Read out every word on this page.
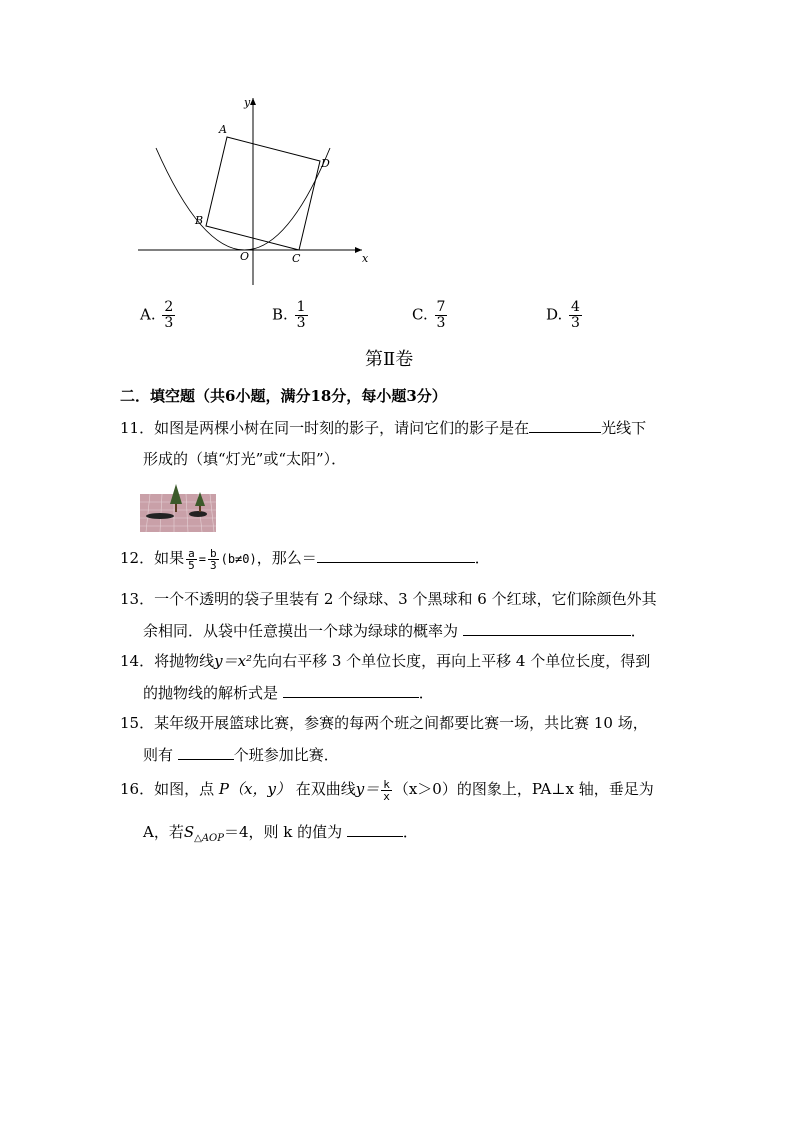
y
x
A
B
C
D
O
A. $\frac{2}{3}$	B. $\frac{1}{3}$	C. $\frac{7}{3}$	D. $\frac{4}{3}$
第Ⅱ卷
二．填空题（共6小题，满分18分，每小题3分）
11．如图是两棵小树在同一时刻的影子，请问它们的影子是在	光线下
形成的（填“灯光”或“太阳”）．
12．如果 $\frac{a}{5} = \frac{b}{3} (b\ne 0)$，那么＝	．
13．一个不透明的袋子里装有 2 个绿球、3 个黑球和 6 个红球，它们除颜色外其
余相同．从袋中任意摸出一个球为绿球的概率为	．
14．将抛物线y＝x²先向右平移 3 个单位长度，再向上平移 4 个单位长度，得到
的抛物线的解析式是	．
15．某年级开展篮球比赛，参赛的每两个班之间都要比赛一场，共比赛 10 场，
则有	个班参加比赛．
16．如图，点 P（x，y） 在双曲线$y= \frac{k}{x} (x>0)$的图象上，PA⊥x 轴，垂足为
A，若$S_{\triangle AOP}=4$，则 k 的值为	．
